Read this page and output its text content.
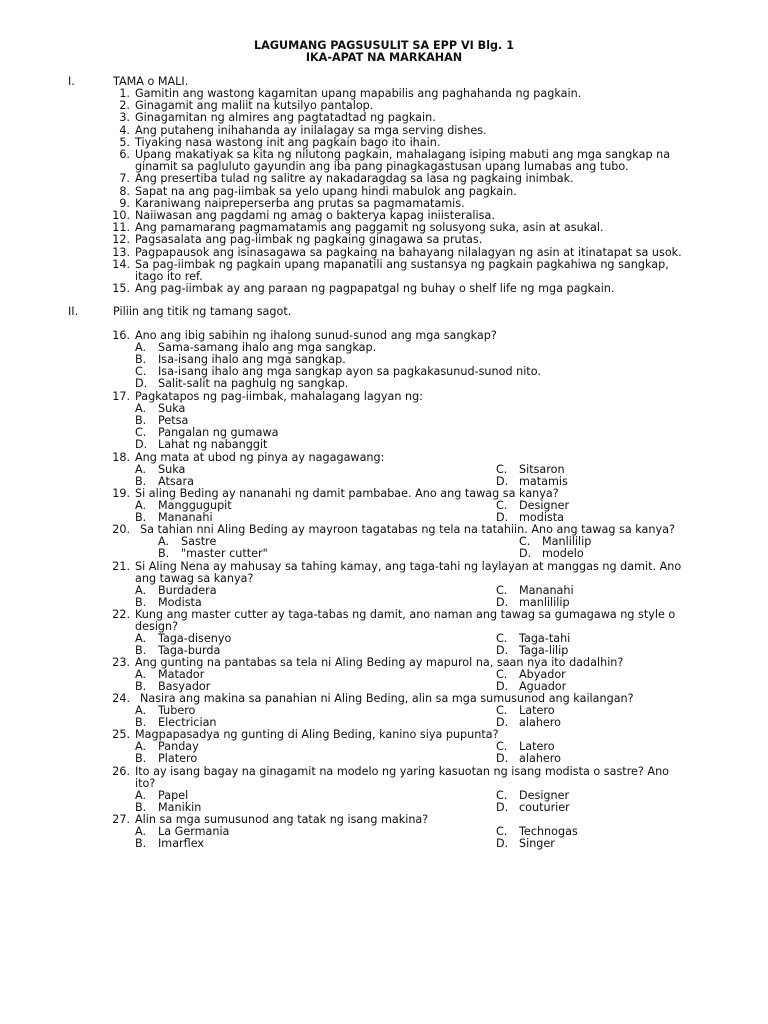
LAGUMANG PAGSUSULIT SA EPP VI Blg. 1
IKA-APAT NA MARKAHAN
I.	TAMA o MALI.
1. Gamitin ang wastong kagamitan upang mapabilis ang paghahanda ng pagkain.
2. Ginagamit ang maliit na kutsilyo pantalop.
3. Ginagamitan ng almires ang pagtatadtad ng pagkain.
4. Ang putaheng inihahanda ay inilalagay sa mga serving dishes.
5. Tiyaking nasa wastong init ang pagkain bago ito ihain.
6. Upang makatiyak sa kita ng nilutong pagkain, mahalagang isiping mabuti ang mga sangkap na
ginamit sa pagluluto gayundin ang iba pang pinagkagastusan upang lumabas ang tubo.
7. Ang presertiba tulad ng salitre ay nakadaragdag sa lasa ng pagkaing inimbak.
8. Sapat na ang pag-iimbak sa yelo upang hindi mabulok ang pagkain.
9. Karaniwang naipreperserba ang prutas sa pagmamatamis.
10. Naiiwasan ang pagdami ng amag o bakterya kapag iniisteralisa.
11. Ang pamamarang pagmamatamis ang paggamit ng solusyong suka, asin at asukal.
12. Pagsasalata ang pag-iimbak ng pagkaing ginagawa sa prutas.
13. Pagpapausok ang isinasagawa sa pagkaing na bahayang nilalagyan ng asin at itinatapat sa usok.
14. Sa pag-iimbak ng pagkain upang mapanatili ang sustansya ng pagkain pagkahiwa ng sangkap,
itago ito ref.
15. Ang pag-iimbak ay ang paraan ng pagpapatgal ng buhay o shelf life ng mga pagkain.
II.	Piliin ang titik ng tamang sagot.
16. Ano ang ibig sabihin ng ihalong sunud-sunod ang mga sangkap?
A. Sama-samang ihalo ang mga sangkap.
B. Isa-isang ihalo ang mga sangkap.
C. Isa-isang ihalo ang mga sangkap ayon sa pagkakasunud-sunod nito.
D. Salit-salit na paghulg ng sangkap.
17. Pagkatapos ng pag-iimbak, mahalagang lagyan ng:
A. Suka
B. Petsa
C. Pangalan ng gumawa
D. Lahat ng nabanggit
18. Ang mata at ubod ng pinya ay nagagawang:
A. Suka	C. Sitsaron
B. Atsara	D. matamis
19. Si aling Beding ay nananahi ng damit pambabae. Ano ang tawag sa kanya?
A. Manggugupit	C. Designer
B. Mananahi	D. modista
20. Sa tahian nni Aling Beding ay mayroon tagatabas ng tela na tatahiin. Ano ang tawag sa kanya?
A. Sastre	C. Manlililip
B. "master cutter"	D. modelo
21. Si Aling Nena ay mahusay sa tahing kamay, ang taga-tahi ng laylayan at manggas ng damit. Ano
ang tawag sa kanya?
A. Burdadera	C. Mananahi
B. Modista	D. manlililip
22. Kung ang master cutter ay taga-tabas ng damit, ano naman ang tawag sa gumagawa ng style o
design?
A. Taga-disenyo	C. Taga-tahi
B. Taga-burda	D. Taga-lilip
23. Ang gunting na pantabas sa tela ni Aling Beding ay mapurol na, saan nya ito dadalhin?
A. Matador	C. Abyador
B. Basyador	D. Aguador
24. Nasira ang makina sa panahian ni Aling Beding, alin sa mga sumusunod ang kailangan?
A. Tubero	C. Latero
B. Electrician	D. alahero
25. Magpapasadya ng gunting di Aling Beding, kanino siya pupunta?
A. Panday	C. Latero
B. Platero	D. alahero
26. Ito ay isang bagay na ginagamit na modelo ng yaring kasuotan ng isang modista o sastre? Ano
ito?
A. Papel	C. Designer
B. Manikin	D. couturier
27. Alin sa mga sumusunod ang tatak ng isang makina?
A. La Germania	C. Technogas
B. Imarflex	D. Singer
